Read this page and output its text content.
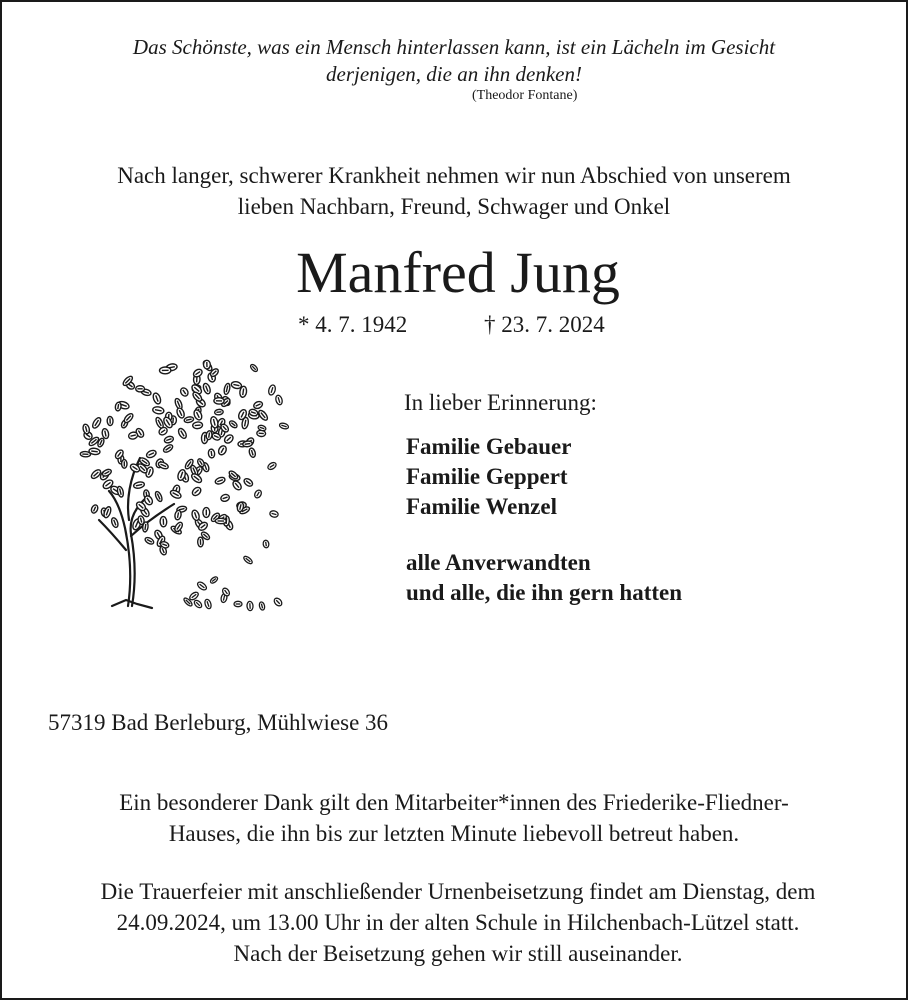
Das Schönste, was ein Mensch hinterlassen kann, ist ein Lächeln im Gesicht
derjenigen, die an ihn denken!
(Theodor Fontane)
Nach langer, schwerer Krankheit nehmen wir nun Abschied von unserem
lieben Nachbarn, Freund, Schwager und Onkel
Manfred Jung
* 4. 7. 1942	† 23. 7. 2024
In lieber Erinnerung:
Familie Gebauer
Familie Geppert
Familie Wenzel
alle Anverwandten
und alle, die ihn gern hatten
57319 Bad Berleburg, Mühlwiese 36
Ein besonderer Dank gilt den Mitarbeiter*innen des Friederike-Fliedner-
Hauses, die ihn bis zur letzten Minute liebevoll betreut haben.
Die Trauerfeier mit anschließender Urnenbeisetzung findet am Dienstag, dem
24.09.2024, um 13.00 Uhr in der alten Schule in Hilchenbach-Lützel statt.
Nach der Beisetzung gehen wir still auseinander.
